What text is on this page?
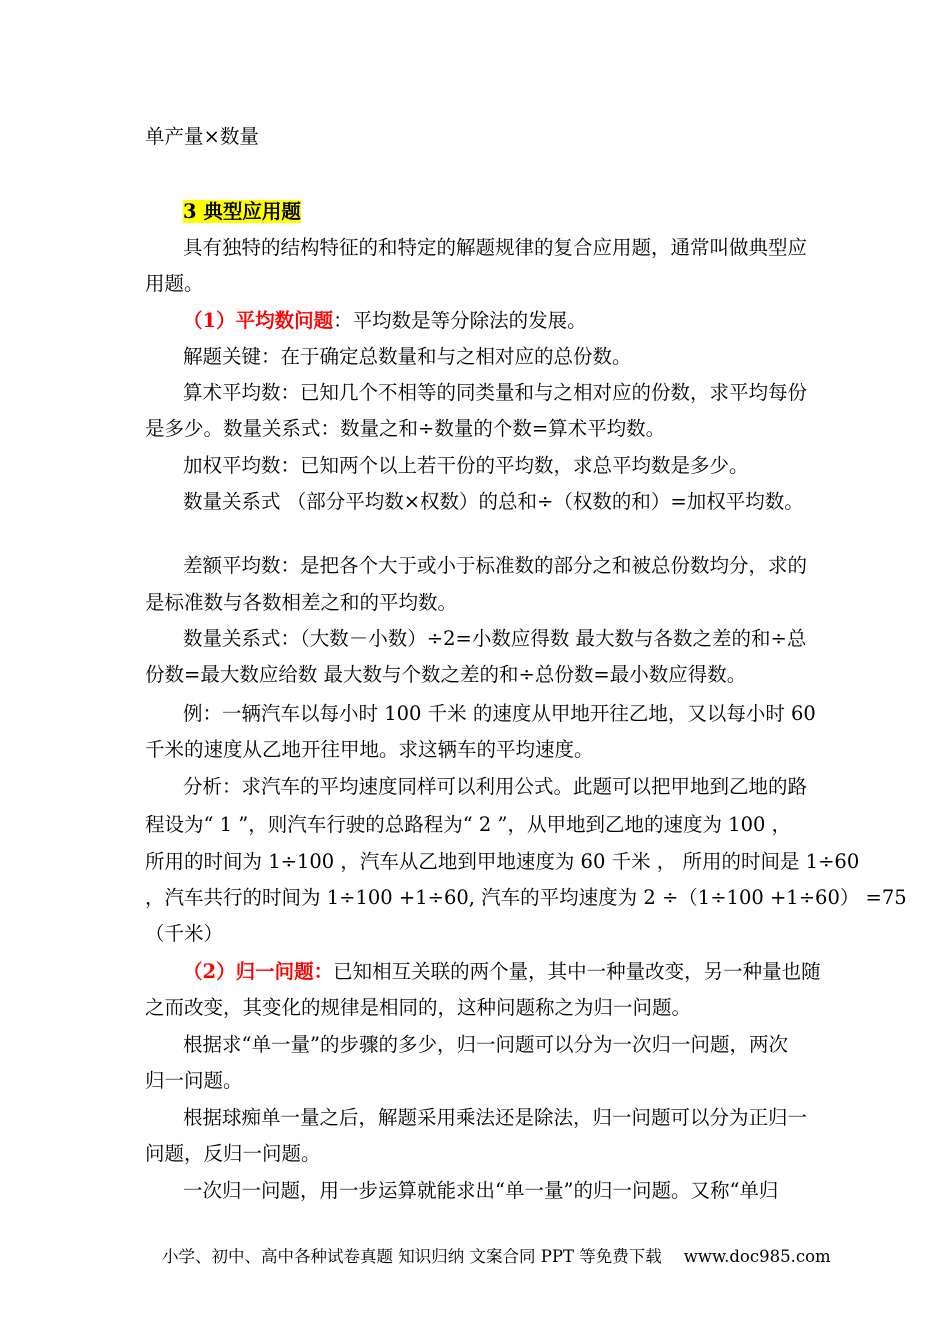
单产量×数量
3 典型应用题
具有独特的结构特征的和特定的解题规律的复合应用题，通常叫做典型应
用题。
（1）平均数问题：平均数是等分除法的发展。
解题关键：在于确定总数量和与之相对应的总份数。
算术平均数：已知几个不相等的同类量和与之相对应的份数，求平均每份
是多少。数量关系式：数量之和÷数量的个数=算术平均数。
加权平均数：已知两个以上若干份的平均数，求总平均数是多少。
数量关系式 （部分平均数×权数）的总和÷（权数的和）=加权平均数。
差额平均数：是把各个大于或小于标准数的部分之和被总份数均分，求的
是标准数与各数相差之和的平均数。
数量关系式：（大数－小数）÷2=小数应得数 最大数与各数之差的和÷总
份数=最大数应给数 最大数与个数之差的和÷总份数=最小数应得数。
例：一辆汽车以每小时 100 千米 的速度从甲地开往乙地，又以每小时 60
千米的速度从乙地开往甲地。求这辆车的平均速度。
分析：求汽车的平均速度同样可以利用公式。此题可以把甲地到乙地的路
程设为“ 1 ”，则汽车行驶的总路程为“ 2 ”，从甲地到乙地的速度为 100 ，
所用的时间为 1÷100 ，汽车从乙地到甲地速度为 60 千米 ， 所用的时间是 1÷60
，汽车共行的时间为 1÷100 +1÷60, 汽车的平均速度为 2 ÷（1÷100 +1÷60） =75
（千米）
（2）归一问题：已知相互关联的两个量，其中一种量改变，另一种量也随
之而改变，其变化的规律是相同的，这种问题称之为归一问题。
根据求“单一量”的步骤的多少，归一问题可以分为一次归一问题，两次
归一问题。
根据球痴单一量之后，解题采用乘法还是除法，归一问题可以分为正归一
问题，反归一问题。
一次归一问题，用一步运算就能求出“单一量”的归一问题。又称“单归
小学、初中、高中各种试卷真题 知识归纳 文案合同 PPT 等免费下载 www.doc985.com
